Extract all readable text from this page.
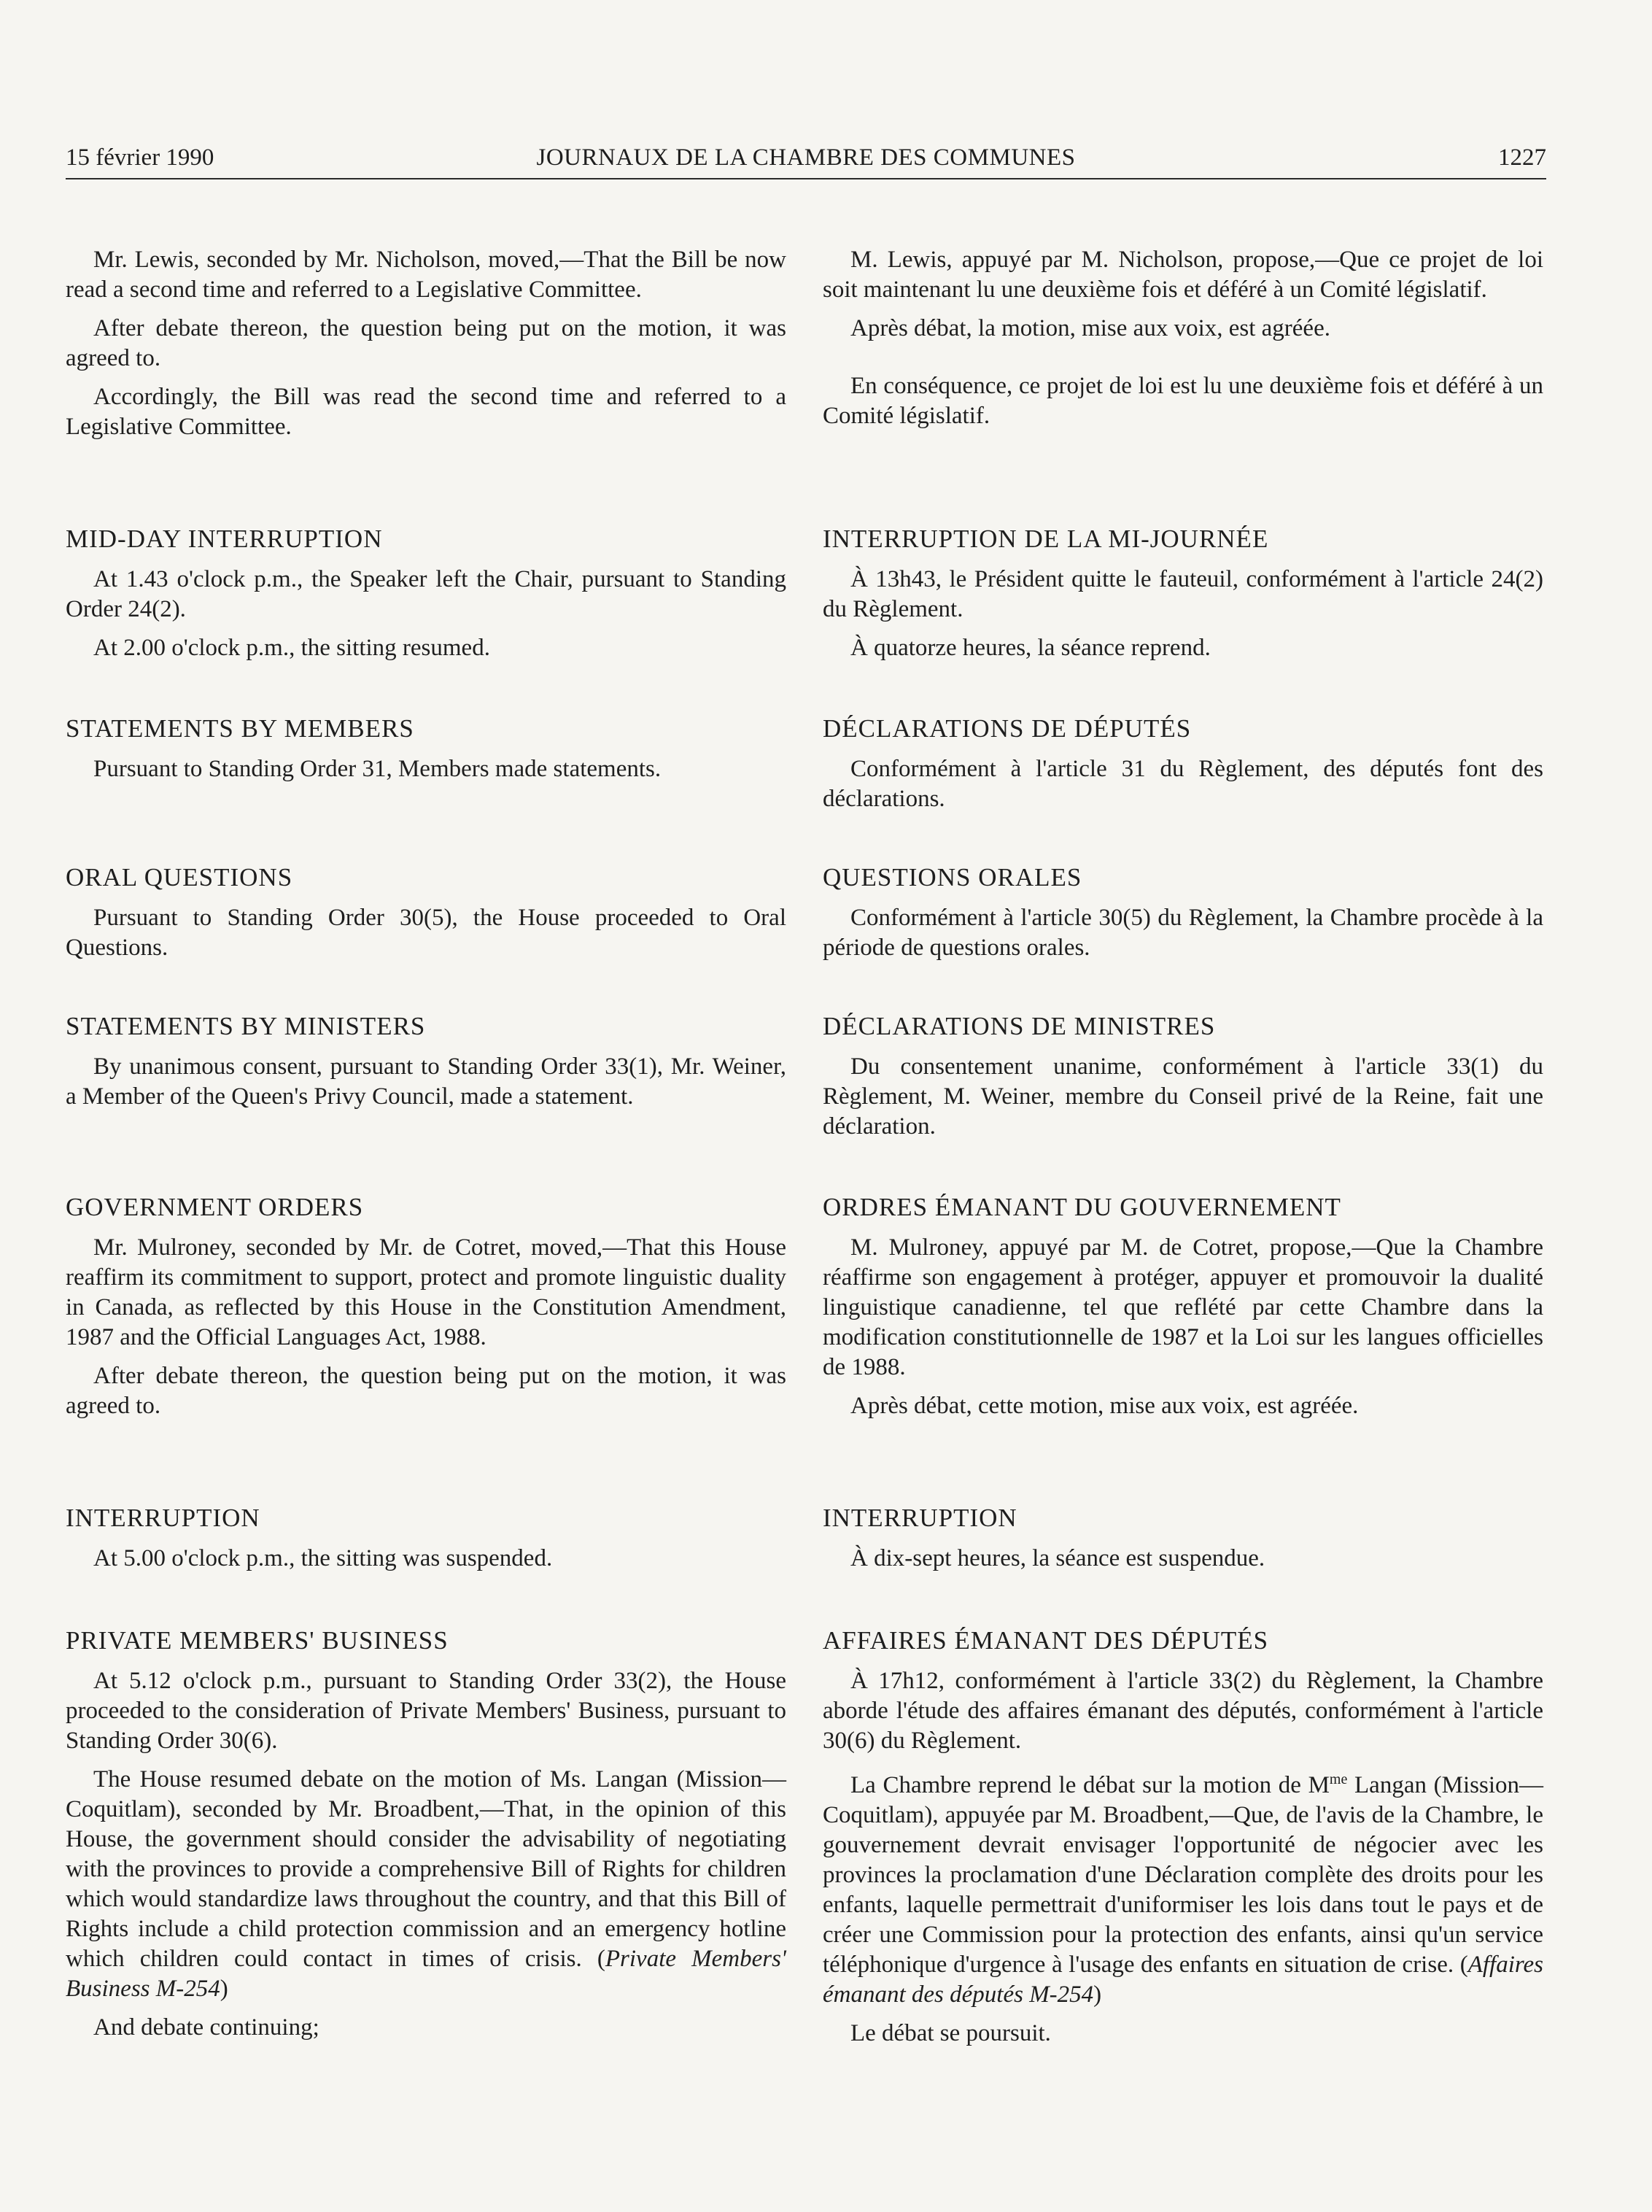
15 février 1990	JOURNAUX DE LA CHAMBRE DES COMMUNES	1227

Mr. Lewis, seconded by Mr. Nicholson, moved,—That the Bill be now read a second time and referred to a Legislative Committee.

After debate thereon, the question being put on the motion, it was agreed to.

Accordingly, the Bill was read the second time and referred to a Legislative Committee.

MID-DAY INTERRUPTION

At 1.43 o'clock p.m., the Speaker left the Chair, pursuant to Standing Order 24(2).

At 2.00 o'clock p.m., the sitting resumed.

STATEMENTS BY MEMBERS

Pursuant to Standing Order 31, Members made statements.

ORAL QUESTIONS

Pursuant to Standing Order 30(5), the House proceeded to Oral Questions.

STATEMENTS BY MINISTERS

By unanimous consent, pursuant to Standing Order 33(1), Mr. Weiner, a Member of the Queen's Privy Council, made a statement.

GOVERNMENT ORDERS

Mr. Mulroney, seconded by Mr. de Cotret, moved,—That this House reaffirm its commitment to support, protect and promote linguistic duality in Canada, as reflected by this House in the Constitution Amendment, 1987 and the Official Languages Act, 1988.

After debate thereon, the question being put on the motion, it was agreed to.

INTERRUPTION

At 5.00 o'clock p.m., the sitting was suspended.

PRIVATE MEMBERS' BUSINESS

At 5.12 o'clock p.m., pursuant to Standing Order 33(2), the House proceeded to the consideration of Private Members' Business, pursuant to Standing Order 30(6).

The House resumed debate on the motion of Ms. Langan (Mission—Coquitlam), seconded by Mr. Broadbent,—That, in the opinion of this House, the government should consider the advisability of negotiating with the provinces to provide a comprehensive Bill of Rights for children which would standardize laws throughout the country, and that this Bill of Rights include a child protection commission and an emergency hotline which children could contact in times of crisis. (Private Members' Business M-254)

And debate continuing;

M. Lewis, appuyé par M. Nicholson, propose,—Que ce projet de loi soit maintenant lu une deuxième fois et déféré à un Comité législatif.

Après débat, la motion, mise aux voix, est agréée.

En conséquence, ce projet de loi est lu une deuxième fois et déféré à un Comité législatif.

INTERRUPTION DE LA MI-JOURNÉE

À 13h43, le Président quitte le fauteuil, conformément à l'article 24(2) du Règlement.

À quatorze heures, la séance reprend.

DÉCLARATIONS DE DÉPUTÉS

Conformément à l'article 31 du Règlement, des députés font des déclarations.

QUESTIONS ORALES

Conformément à l'article 30(5) du Règlement, la Chambre procède à la période de questions orales.

DÉCLARATIONS DE MINISTRES

Du consentement unanime, conformément à l'article 33(1) du Règlement, M. Weiner, membre du Conseil privé de la Reine, fait une déclaration.

ORDRES ÉMANANT DU GOUVERNEMENT

M. Mulroney, appuyé par M. de Cotret, propose,—Que la Chambre réaffirme son engagement à protéger, appuyer et promouvoir la dualité linguistique canadienne, tel que reflété par cette Chambre dans la modification constitutionnelle de 1987 et la Loi sur les langues officielles de 1988.

Après débat, cette motion, mise aux voix, est agréée.

INTERRUPTION

À dix-sept heures, la séance est suspendue.

AFFAIRES ÉMANANT DES DÉPUTÉS

À 17h12, conformément à l'article 33(2) du Règlement, la Chambre aborde l'étude des affaires émanant des députés, conformément à l'article 30(6) du Règlement.

La Chambre reprend le débat sur la motion de $M^{me}$ Langan (Mission—Coquitlam), appuyée par M. Broadbent,—Que, de l'avis de la Chambre, le gouvernement devrait envisager l'opportunité de négocier avec les provinces la proclamation d'une Déclaration complète des droits pour les enfants, laquelle permettrait d'uniformiser les lois dans tout le pays et de créer une Commission pour la protection des enfants, ainsi qu'un service téléphonique d'urgence à l'usage des enfants en situation de crise. (Affaires émanant des députés M-254)

Le débat se poursuit.
